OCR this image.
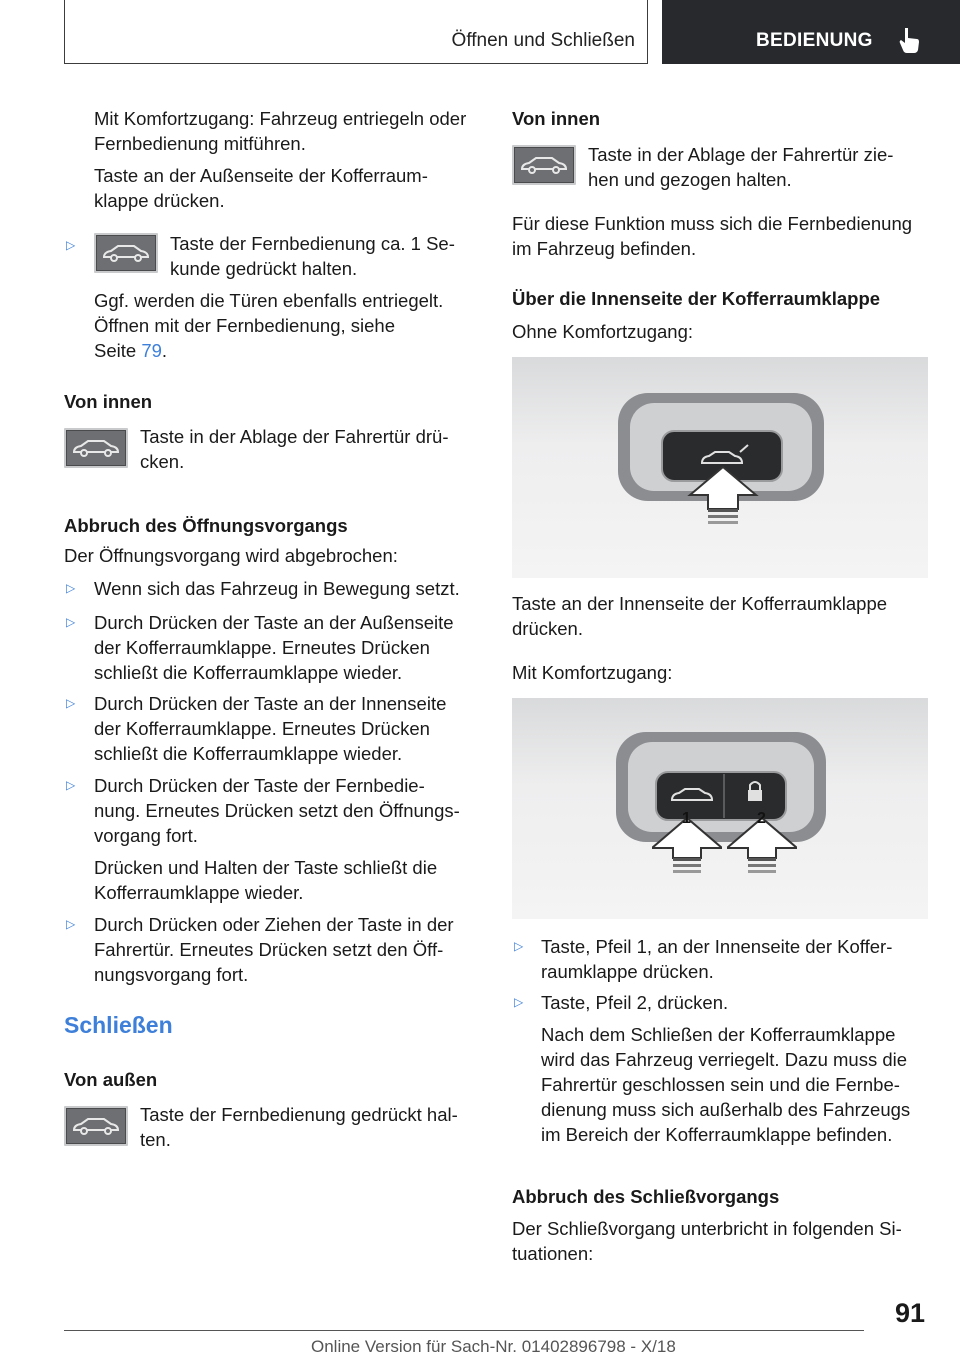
Öffnen und Schließen	BEDIENUNG

Mit Komfortzugang: Fahrzeug entriegeln oder

Fernbedienung mitführen.

Taste an der Außenseite der Kofferraum-

klappe drücken.

▷	Taste der Fernbedienung ca. 1 Se-

kunde gedrückt halten.

Ggf. werden die Türen ebenfalls entriegelt.

Öffnen mit der Fernbedienung, siehe

Seite 79.

Von innen

Taste in der Ablage der Fahrertür drü-

cken.

Abbruch des Öffnungsvorgangs

Der Öffnungsvorgang wird abgebrochen:

▷ Wenn sich das Fahrzeug in Bewegung setzt.

▷ Durch Drücken der Taste an der Außenseite

der Kofferraumklappe. Erneutes Drücken

schließt die Kofferraumklappe wieder.

▷ Durch Drücken der Taste an der Innenseite

der Kofferraumklappe. Erneutes Drücken

schließt die Kofferraumklappe wieder.

▷ Durch Drücken der Taste der Fernbedie-

nung. Erneutes Drücken setzt den Öffnungs-

vorgang fort.

Drücken und Halten der Taste schließt die

Kofferraumklappe wieder.

▷ Durch Drücken oder Ziehen der Taste in der

Fahrertür. Erneutes Drücken setzt den Öff-

nungsvorgang fort.

Schließen

Von außen

Taste der Fernbedienung gedrückt hal-

ten.

Von innen

Taste in der Ablage der Fahrertür zie-

hen und gezogen halten.

Für diese Funktion muss sich die Fernbedienung

im Fahrzeug befinden.

Über die Innenseite der Kofferraumklappe

Ohne Komfortzugang:

Taste an der Innenseite der Kofferraumklappe

drücken.

Mit Komfortzugang:

1	2
▷ Taste, Pfeil 1, an der Innenseite der Koffer-

raumklappe drücken.

▷ Taste, Pfeil 2, drücken.

Nach dem Schließen der Kofferraumklappe

wird das Fahrzeug verriegelt. Dazu muss die

Fahrertür geschlossen sein und die Fernbe-

dienung muss sich außerhalb des Fahrzeugs

im Bereich der Kofferraumklappe befinden.

Abbruch des Schließvorgangs

Der Schließvorgang unterbricht in folgenden Si-

tuationen:

91
Online Version für Sach-Nr. 01402896798 - X/18
